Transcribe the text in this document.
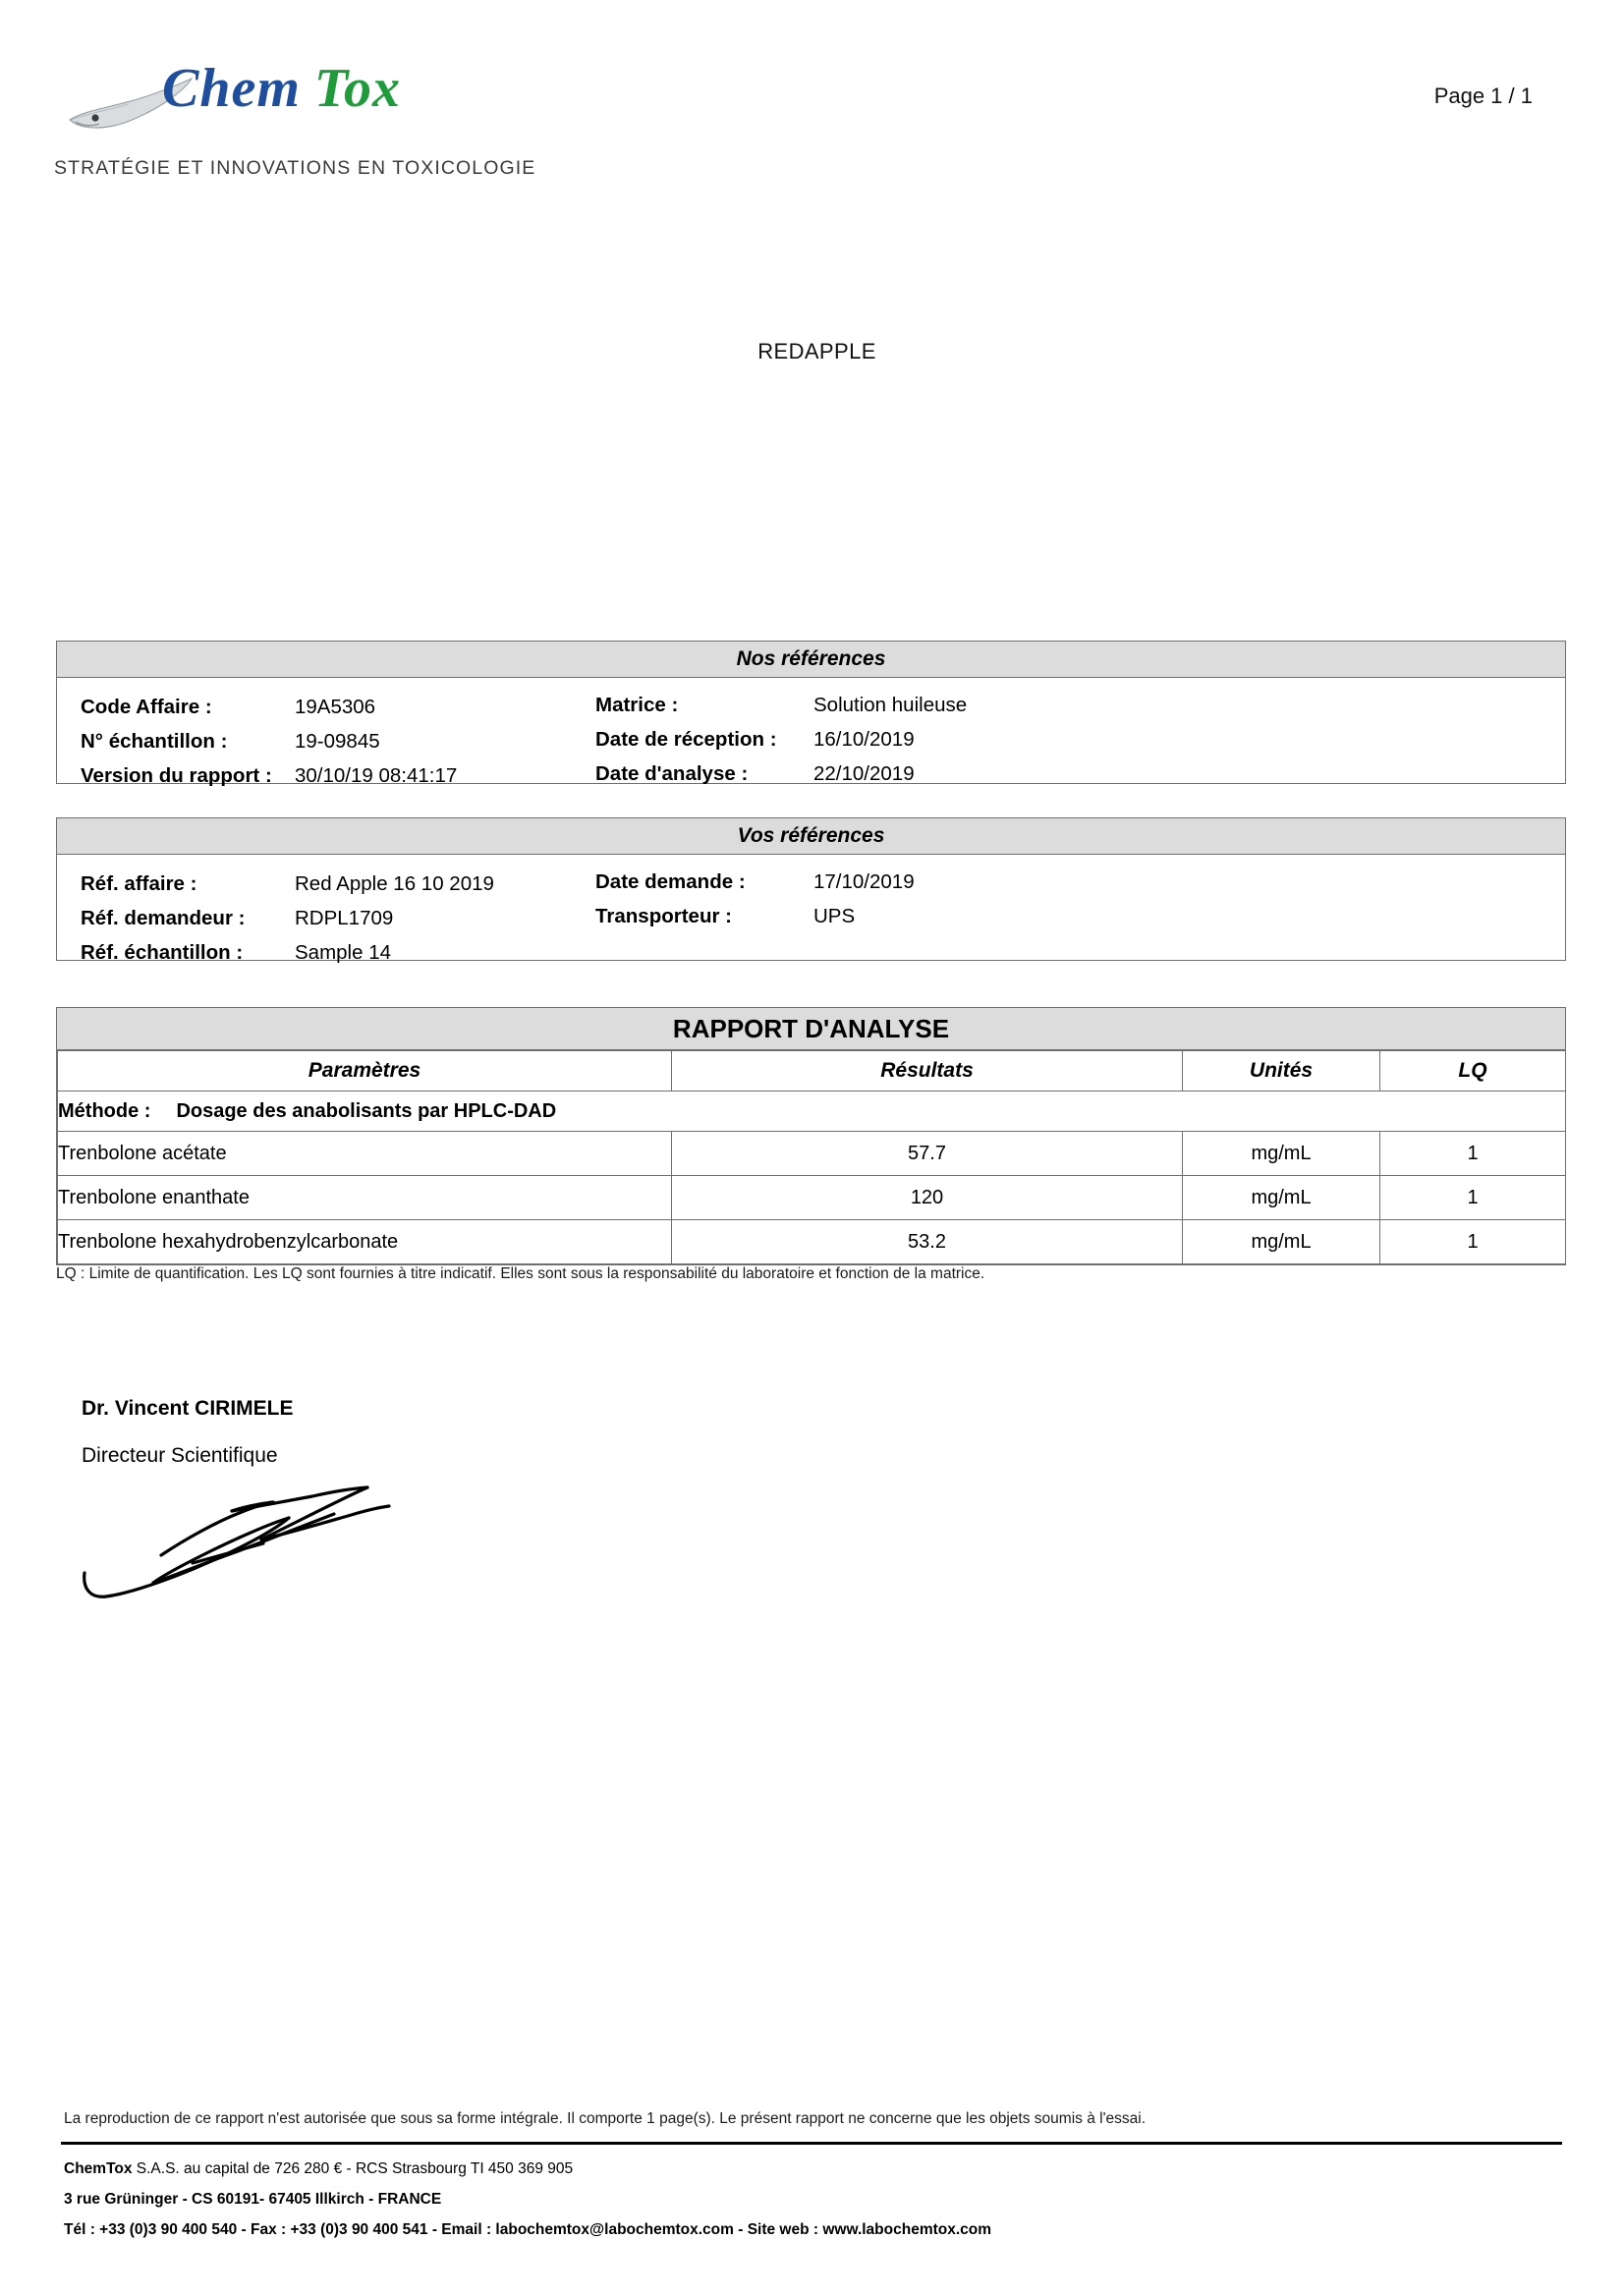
Chem Tox
STRATÉGIE ET INNOVATIONS EN TOXICOLOGIE
Page 1 / 1
REDAPPLE
Nos références
Code Affaire :	19A5306
N° échantillon :	19-09845
Version du rapport :	30/10/19 08:41:17
Matrice :	Solution huileuse
Date de réception :	16/10/2019
Date d'analyse :	22/10/2019
Vos références
Réf. affaire :	Red Apple 16 10 2019
Réf. demandeur :	RDPL1709
Réf. échantillon :	Sample 14
Date demande :	17/10/2019
Transporteur :	UPS
RAPPORT D'ANALYSE
Paramètres	Résultats	Unités	LQ
Méthode : Dosage des anabolisants par HPLC-DAD			
Trenbolone acétate	57.7	mg/mL	1
Trenbolone enanthate	120	mg/mL	1
Trenbolone hexahydrobenzylcarbonate	53.2	mg/mL	1
LQ : Limite de quantification. Les LQ sont fournies à titre indicatif. Elles sont sous la responsabilité du laboratoire et fonction de la matrice.
Dr. Vincent CIRIMELE
Directeur Scientifique
La reproduction de ce rapport n'est autorisée que sous sa forme intégrale. Il comporte 1 page(s). Le présent rapport ne concerne que les objets soumis à l'essai.
ChemTox S.A.S. au capital de 726 280 € - RCS Strasbourg TI 450 369 905
3 rue Grüninger - CS 60191- 67405 Illkirch - FRANCE
Tél : +33 (0)3 90 400 540 - Fax : +33 (0)3 90 400 541 - Email : labochemtox@labochemtox.com - Site web : www.labochemtox.com
